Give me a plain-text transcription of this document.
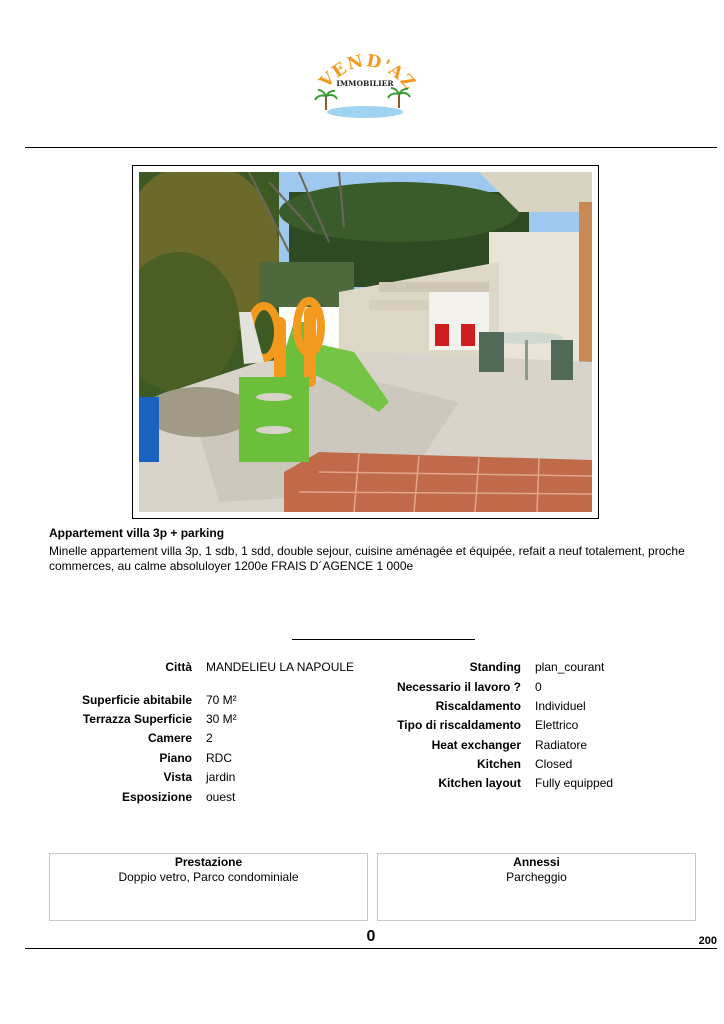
VEND'AZ
IMMOBILIER
Appartement villa 3p + parking
Minelle appartement villa 3p, 1 sdb, 1 sdd, double sejour, cuisine aménagée et équipée, refait a neuf totalement, proche commerces, au calme absoluloyer 1200e FRAIS D´AGENCE 1 000e
Città MANDELIEU LA NAPOULE
Superficie abitabile 70 M²
Terrazza Superficie 30 M²
Camere 2
Piano RDC
Vista jardin
Esposizione ouest
Standing plan_courant
Necessario il lavoro ? 0
Riscaldamento Individuel
Tipo di riscaldamento Elettrico
Heat exchanger Radiatore
Kitchen Closed
Kitchen layout Fully equipped
Prestazione
Doppio vetro, Parco condominiale
Annessi
Parcheggio
0	200
